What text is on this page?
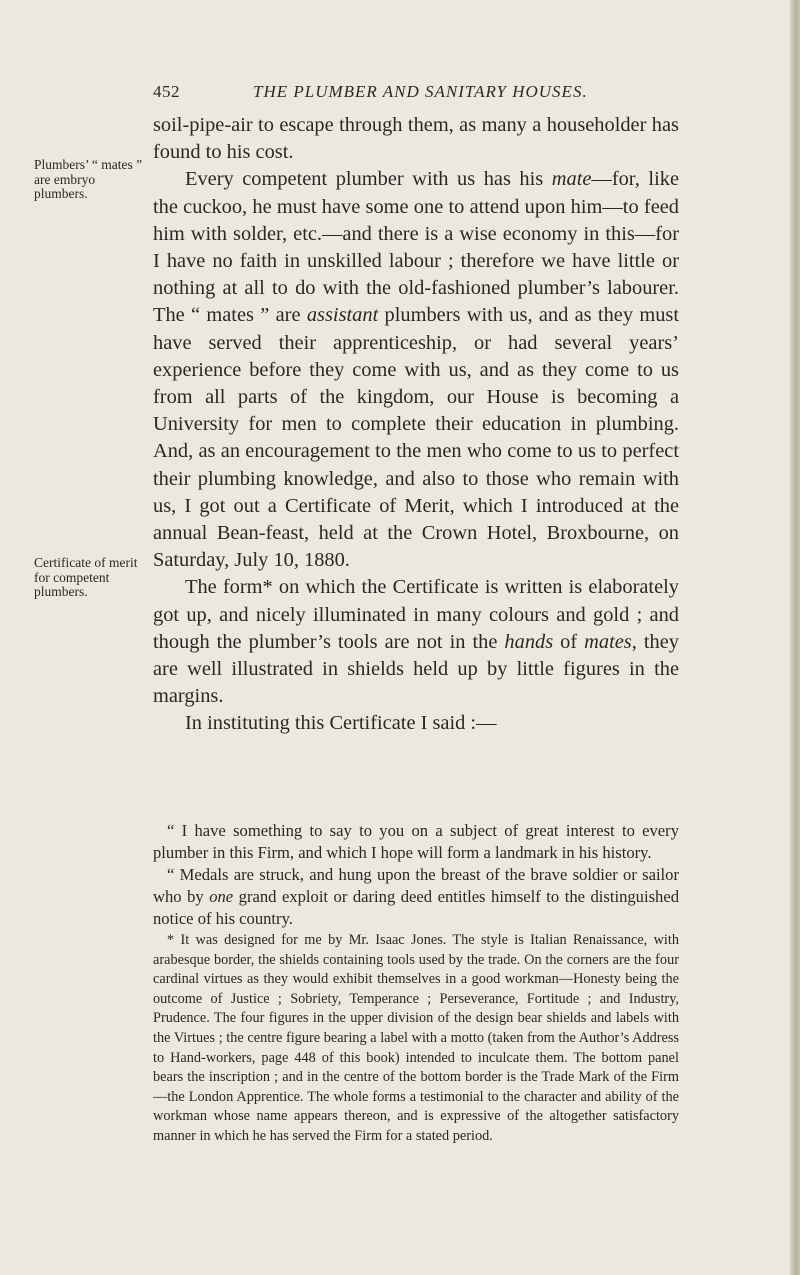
452	THE PLUMBER AND SANITARY HOUSES.
Plumbers’ “ mates ” are embryo plumbers.
Certificate of merit for competent plumbers.

soil-pipe-air to escape through them, as many a householder has found to his cost.

Every competent plumber with us has his mate—for, like the cuckoo, he must have some one to attend upon him—to feed him with solder, etc.—and there is a wise economy in this—for I have no faith in unskilled labour ; therefore we have little or nothing at all to do with the old-fashioned plumber’s labourer. The “ mates ” are assistant plumbers with us, and as they must have served their apprenticeship, or had several years’ experience before they come with us, and as they come to us from all parts of the kingdom, our House is becoming a University for men to complete their education in plumbing. And, as an encouragement to the men who come to us to perfect their plumbing knowledge, and also to those who remain with us, I got out a Certificate of Merit, which I introduced at the annual Bean-feast, held at the Crown Hotel, Broxbourne, on Saturday, July 10, 1880.

The form* on which the Certificate is written is elaborately got up, and nicely illuminated in many colours and gold ; and though the plumber’s tools are not in the hands of mates, they are well illustrated in shields held up by little figures in the margins.

In instituting this Certificate I said :—

“ I have something to say to you on a subject of great interest to every plumber in this Firm, and which I hope will form a landmark in his history.

“ Medals are struck, and hung upon the breast of the brave soldier or sailor who by one grand exploit or daring deed entitles himself to the distinguished notice of his country.

* It was designed for me by Mr. Isaac Jones. The style is Italian Renaissance, with arabesque border, the shields containing tools used by the trade. On the corners are the four cardinal virtues as they would exhibit themselves in a good workman—Honesty being the outcome of Justice ; Sobriety, Temperance ; Perseverance, Fortitude ; and Industry, Prudence. The four figures in the upper division of the design bear shields and labels with the Virtues ; the centre figure bearing a label with a motto (taken from the Author’s Address to Hand-workers, page 448 of this book) intended to inculcate them. The bottom panel bears the inscription ; and in the centre of the bottom border is the Trade Mark of the Firm—the London Apprentice. The whole forms a testimonial to the character and ability of the workman whose name appears thereon, and is expressive of the altogether satisfactory manner in which he has served the Firm for a stated period.
